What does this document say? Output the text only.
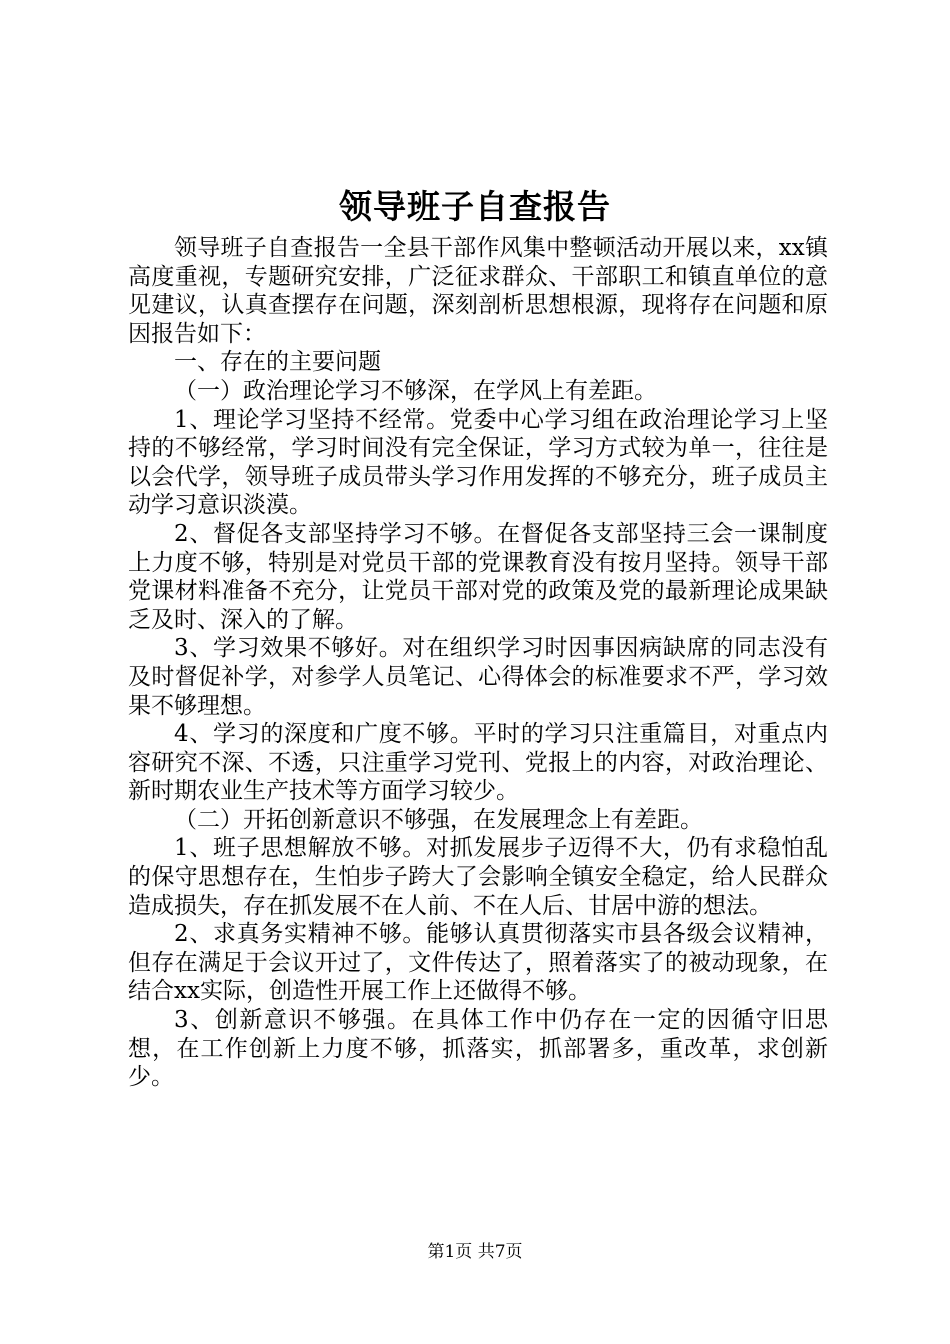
领导班子自查报告

领导班子自查报告一全县干部作风集中整顿活动开展以来，xx镇高度重视，专题研究安排，广泛征求群众、干部职工和镇直单位的意见建议，认真查摆存在问题，深刻剖析思想根源，现将存在问题和原因报告如下：

一、存在的主要问题

（一）政治理论学习不够深，在学风上有差距。

1、理论学习坚持不经常。党委中心学习组在政治理论学习上坚持的不够经常，学习时间没有完全保证，学习方式较为单一，往往是以会代学，领导班子成员带头学习作用发挥的不够充分，班子成员主动学习意识淡漠。

2、督促各支部坚持学习不够。在督促各支部坚持三会一课制度上力度不够，特别是对党员干部的党课教育没有按月坚持。领导干部党课材料准备不充分，让党员干部对党的政策及党的最新理论成果缺乏及时、深入的了解。

3、学习效果不够好。对在组织学习时因事因病缺席的同志没有及时督促补学，对参学人员笔记、心得体会的标准要求不严，学习效果不够理想。

4、学习的深度和广度不够。平时的学习只注重篇目，对重点内容研究不深、不透，只注重学习党刊、党报上的内容，对政治理论、新时期农业生产技术等方面学习较少。

（二）开拓创新意识不够强，在发展理念上有差距。

1、班子思想解放不够。对抓发展步子迈得不大，仍有求稳怕乱的保守思想存在，生怕步子跨大了会影响全镇安全稳定，给人民群众造成损失，存在抓发展不在人前、不在人后、甘居中游的想法。

2、求真务实精神不够。能够认真贯彻落实市县各级会议精神，但存在满足于会议开过了，文件传达了，照着落实了的被动现象，在结合xx实际，创造性开展工作上还做得不够。

3、创新意识不够强。在具体工作中仍存在一定的因循守旧思想，在工作创新上力度不够，抓落实，抓部署多，重改革，求创新少。

第1页 共7页
